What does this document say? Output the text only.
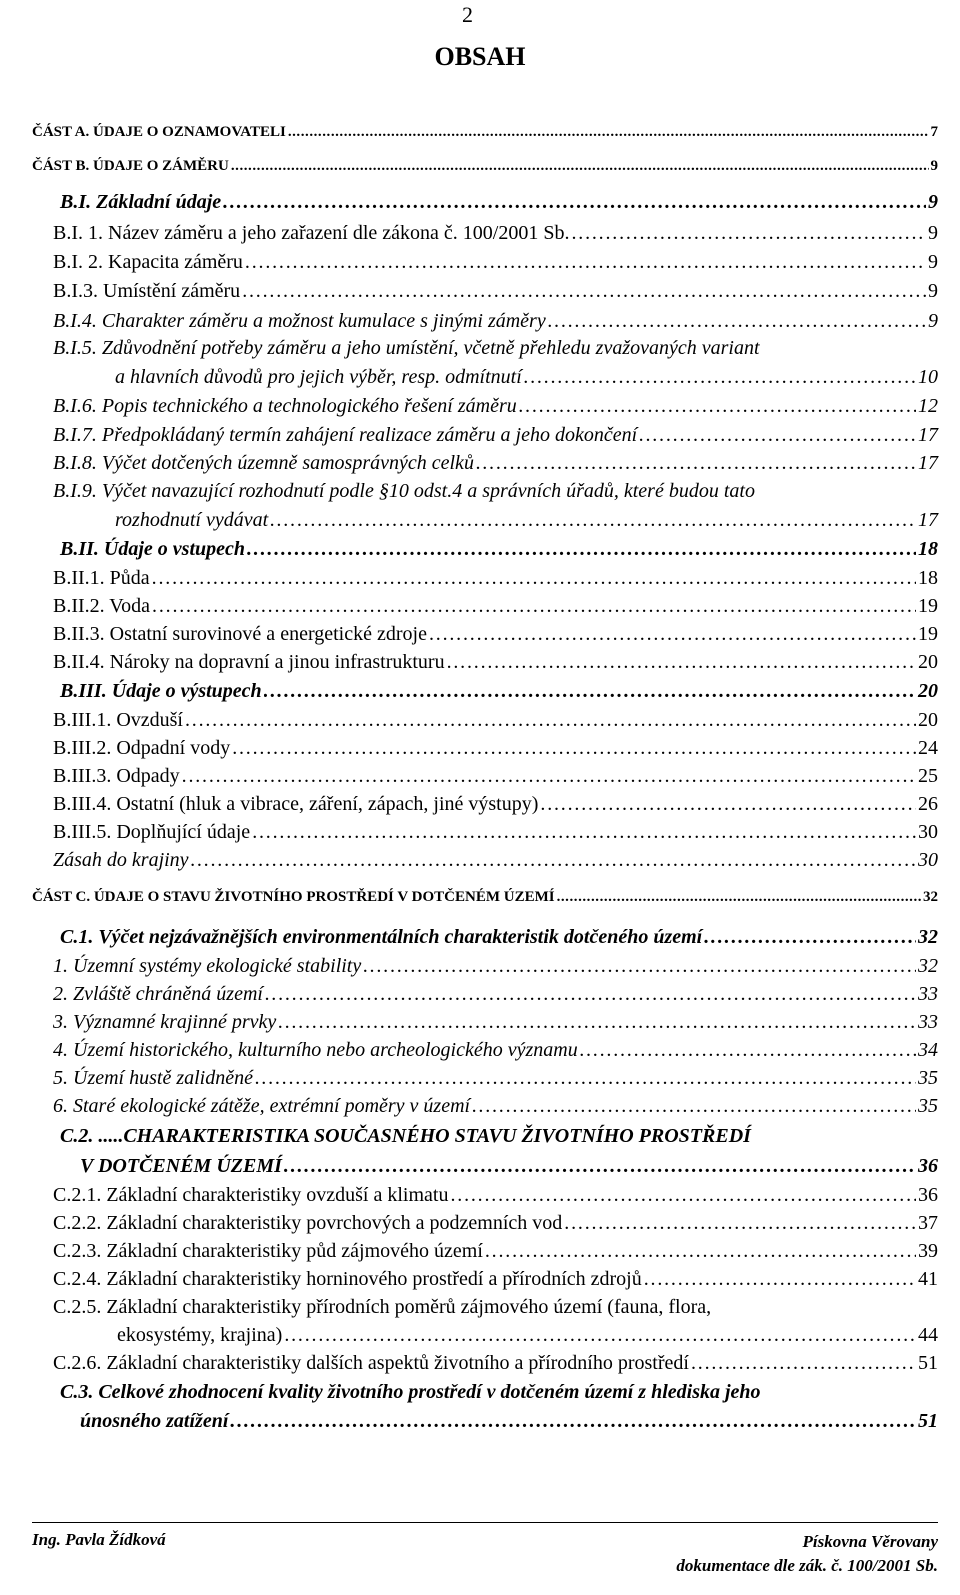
2
OBSAH
ČÁST A. ÚDAJE O OZNAMOVATELI . . .	7
ČÁST B. ÚDAJE O ZÁMĚRU . . .	9
B.I. Základní údaje . . .	9
B.I. 1. Název záměru a jeho zařazení dle zákona č. 100/2001 Sb. . . .	9
B.I. 2. Kapacita záměru . . .	9
B.I.3. Umístění záměru . . .	9
B.I.4. Charakter záměru a možnost kumulace s jinými záměry . . .	9
B.I.5. Zdůvodnění potřeby záměru a jeho umístění, včetně přehledu zvažovaných variant
a hlavních důvodů pro jejich výběr, resp. odmítnutí . . .	10
B.I.6. Popis technického a technologického řešení záměru . . .	12
B.I.7. Předpokládaný termín zahájení realizace záměru a jeho dokončení . . .	17
B.I.8. Výčet dotčených územně samosprávných celků . . .	17
B.I.9. Výčet navazující rozhodnutí podle §10 odst.4 a správních úřadů, které budou tato
rozhodnutí vydávat . . .	17
B.II. Údaje o vstupech . . .	18
B.II.1. Půda . . .	18
B.II.2. Voda . . .	19
B.II.3. Ostatní surovinové a energetické zdroje . . .	19
B.II.4. Nároky na dopravní a jinou infrastrukturu . . .	20
B.III. Údaje o výstupech . . .	20
B.III.1. Ovzduší . . .	20
B.III.2. Odpadní vody . . .	24
B.III.3. Odpady . . .	25
B.III.4. Ostatní (hluk a vibrace, záření, zápach, jiné výstupy) . . .	26
B.III.5. Doplňující údaje . . .	30
Zásah do krajiny . . .	30
ČÁST C. ÚDAJE O STAVU ŽIVOTNÍHO PROSTŘEDÍ V DOTČENÉM ÚZEMÍ . . .	32
C.1. Výčet nejzávažnějších environmentálních charakteristik dotčeného území . . .	32
1. Územní systémy ekologické stability . . .	32
2. Zvláště chráněná území . . .	33
3. Významné krajinné prvky . . .	33
4. Území historického, kulturního nebo archeologického významu . . .	34
5. Území hustě zalidněné . . .	35
6. Staré ekologické zátěže, extrémní poměry v území . . .	35
C.2. .....CHARAKTERISTIKA SOUČASNÉHO STAVU ŽIVOTNÍHO PROSTŘEDÍ
V DOTČENÉM ÚZEMÍ . . .	36
C.2.1. Základní charakteristiky ovzduší a klimatu . . .	36
C.2.2. Základní charakteristiky povrchových a podzemních vod . . .	37
C.2.3. Základní charakteristiky půd zájmového území . . .	39
C.2.4. Základní charakteristiky horninového prostředí a přírodních zdrojů . . .	41
C.2.5. Základní charakteristiky přírodních poměrů zájmového území (fauna, flora,
ekosystémy, krajina) . . .	44
C.2.6. Základní charakteristiky dalších aspektů životního a přírodního prostředí . . .	51
C.3. Celkové zhodnocení kvality životního prostředí v dotčeném území z hlediska jeho
únosného zatížení . . .	51
Ing. Pavla Žídková	Pískovna Věrovany
dokumentace dle zák. č. 100/2001 Sb.
